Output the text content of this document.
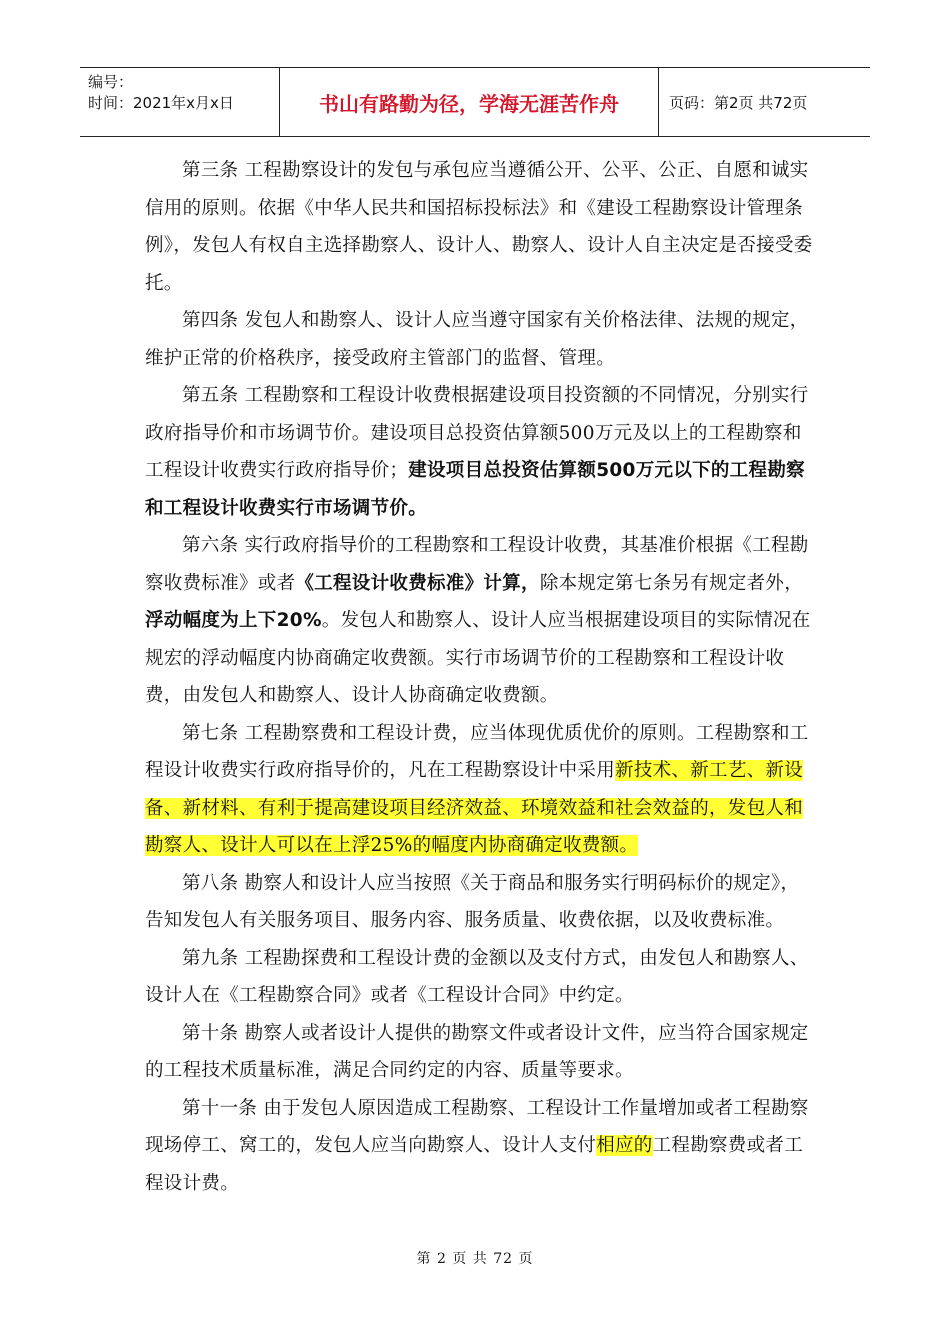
编号：
时间：2021年x月x日	书山有路勤为径，学海无涯苦作舟	页码：第2页 共72页

第三条 工程勘察设计的发包与承包应当遵循公开、公平、公正、自愿和诚实信用的原则。依据《中华人民共和国招标投标法》和《建设工程勘察设计管理条例》，发包人有权自主选择勘察人、设计人、勘察人、设计人自主决定是否接受委托。

第四条 发包人和勘察人、设计人应当遵守国家有关价格法律、法规的规定，维护正常的价格秩序，接受政府主管部门的监督、管理。

第五条 工程勘察和工程设计收费根据建设项目投资额的不同情况，分别实行政府指导价和市场调节价。建设项目总投资估算额500万元及以上的工程勘察和工程设计收费实行政府指导价；建设项目总投资估算额500万元以下的工程勘察和工程设计收费实行市场调节价。

第六条 实行政府指导价的工程勘察和工程设计收费，其基准价根据《工程勘察收费标准》或者《工程设计收费标准》计算，除本规定第七条另有规定者外，浮动幅度为上下20%。发包人和勘察人、设计人应当根据建设项目的实际情况在规宏的浮动幅度内协商确定收费额。实行市场调节价的工程勘察和工程设计收费，由发包人和勘察人、设计人协商确定收费额。

第七条 工程勘察费和工程设计费，应当体现优质优价的原则。工程勘察和工程设计收费实行政府指导价的，凡在工程勘察设计中采用新技术、新工艺、新设备、新材料、有利于提高建设项目经济效益、环境效益和社会效益的，发包人和勘察人、设计人可以在上浮25%的幅度内协商确定收费额。

第八条 勘察人和设计人应当按照《关于商品和服务实行明码标价的规定》，告知发包人有关服务项目、服务内容、服务质量、收费依据，以及收费标准。

第九条 工程勘探费和工程设计费的金额以及支付方式，由发包人和勘察人、设计人在《工程勘察合同》或者《工程设计合同》中约定。

第十条 勘察人或者设计人提供的勘察文件或者设计文件，应当符合国家规定的工程技术质量标准，满足合同约定的内容、质量等要求。

第十一条 由于发包人原因造成工程勘察、工程设计工作量增加或者工程勘察现场停工、窝工的，发包人应当向勘察人、设计人支付相应的工程勘察费或者工程设计费。

第 2 页 共 72 页
